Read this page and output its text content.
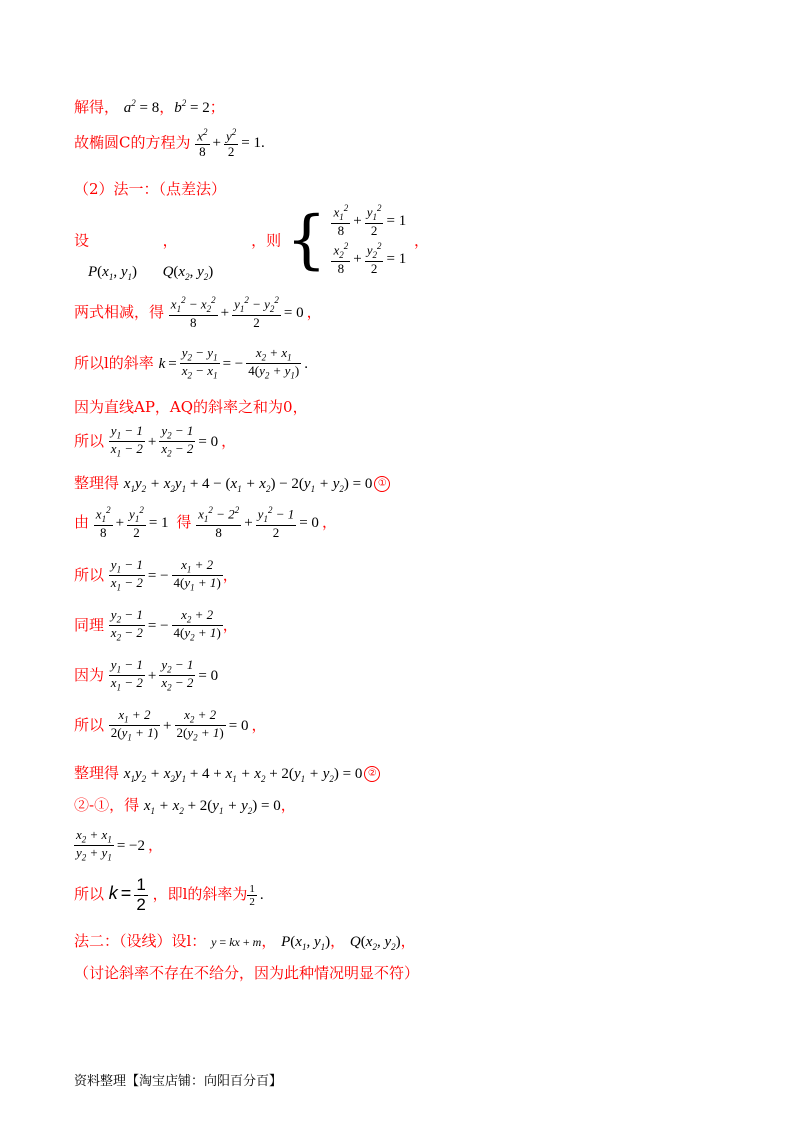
解得， $a^2 = 8$，$b^2 = 2$；
故椭圆C的方程为 $\frac{x^2}{8} + \frac{y^2}{2} = 1$.
（2）法一：（点差法）
设	，	，则 { $\frac{x_1^2}{8} + \frac{y_1^2}{2} = 1$
$\frac{x_2^2}{8} + \frac{y_2^2}{2} = 1$
，
$P(x_1$, $y_1$) $Q(x_2$, $y_2$)
两式相减，得 $\frac{x_1^2 - x_2^2}{8} + \frac{y_1^2 - y_2^2}{2} = 0$ ，
所以l的斜率 $k = \frac{y_2 - y_1}{x_2 - x_1}$ = − $\frac{x_2 + x_1}{4(y_2 + y_1)}$ .
因为直线AP，AQ的斜率之和为0，
所以 $\frac{y_1 - 1}{x_1 - 2} + \frac{y_2 - 1}{x_2 - 2} = 0$ ，
整理得 $x_1y_2 + x_2y_1 + 4 - (x_1 + x_2) - 2(y_1 + y_2) = 0$ ①
由 $\frac{x_1^2}{8} + \frac{y_1^2}{2} = 1$ 得 $\frac{x_1^2 - 2^2}{8} + \frac{y_1^2 - 1}{2} = 0$ ，
所以 $\frac{y_1 - 1}{x_1 - 2}$ = − $\frac{x_1 + 2}{4(y_1 + 1)}$ ，
同理 $\frac{y_2 - 1}{x_2 - 2}$ = − $\frac{x_2 + 2}{4(y_2 + 1)}$ ，
因为 $\frac{y_1 - 1}{x_1 - 2} + \frac{y_2 - 1}{x_2 - 2} = 0$
所以 $\frac{x_1 + 2}{2(y_1 + 1)} + \frac{x_2 + 2}{2(y_2 + 1)} = 0$ ，
整理得 $x_1y_2 + x_2y_1 + 4 + x_1 + x_2 + 2(y_1 + y_2) = 0$ ②
②-①，得 $x_1 + x_2 + 2(y_1 + y_2) = 0$，
$\frac{x_2 + x_1}{y_2 + y_1} = -2$ ，
所以 $k = \frac{1}{2}$ ，即l的斜率为 $\frac{1}{2}$ .
法二：（设线）设l： y = kx + m， $P(x_1$, $y_1$)， $Q(x_2$, $y_2$)，
（讨论斜率不存在不给分，因为此种情况明显不符）
资料整理【淘宝店铺：向阳百分百】
